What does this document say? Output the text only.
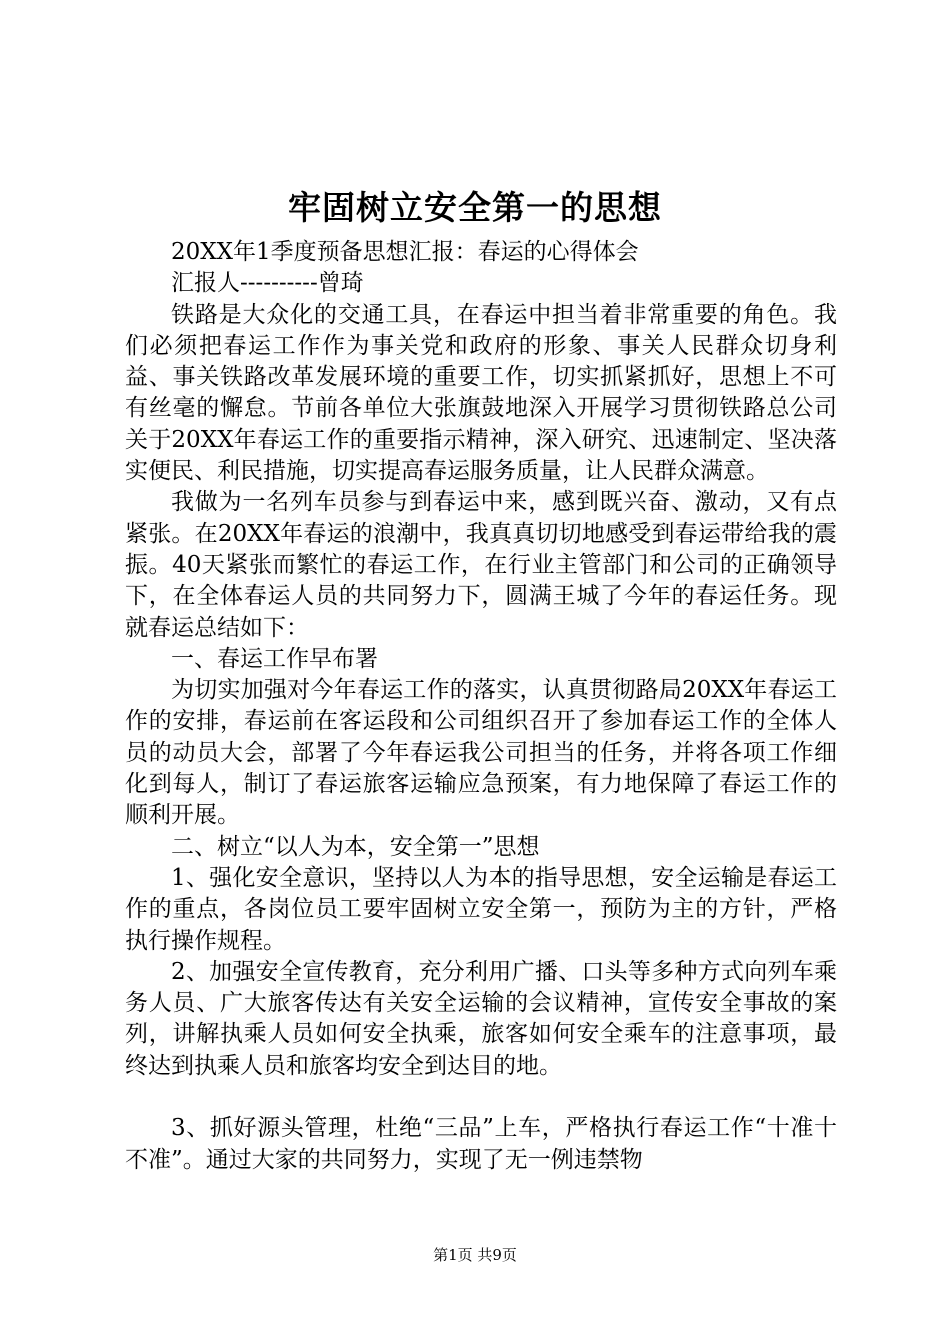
牢固树立安全第一的思想

20XX年1季度预备思想汇报：春运的心得体会

汇报人----------曾琦

铁路是大众化的交通工具，在春运中担当着非常重要的角色。我们必须把春运工作作为事关党和政府的形象、事关人民群众切身利益、事关铁路改革发展环境的重要工作，切实抓紧抓好，思想上不可有丝毫的懈怠。节前各单位大张旗鼓地深入开展学习贯彻铁路总公司关于20XX年春运工作的重要指示精神，深入研究、迅速制定、坚决落实便民、利民措施，切实提高春运服务质量，让人民群众满意。

我做为一名列车员参与到春运中来，感到既兴奋、激动，又有点紧张。在20XX年春运的浪潮中，我真真切切地感受到春运带给我的震振。40天紧张而繁忙的春运工作，在行业主管部门和公司的正确领导下，在全体春运人员的共同努力下，圆满王城了今年的春运任务。现就春运总结如下：

一、春运工作早布署

为切实加强对今年春运工作的落实，认真贯彻路局20XX年春运工作的安排，春运前在客运段和公司组织召开了参加春运工作的全体人员的动员大会，部署了今年春运我公司担当的任务，并将各项工作细化到每人，制订了春运旅客运输应急预案，有力地保障了春运工作的顺利开展。

二、树立“以人为本，安全第一”思想

1、强化安全意识，坚持以人为本的指导思想，安全运输是春运工作的重点，各岗位员工要牢固树立安全第一，预防为主的方针，严格执行操作规程。

2、加强安全宣传教育，充分利用广播、口头等多种方式向列车乘务人员、广大旅客传达有关安全运输的会议精神，宣传安全事故的案列，讲解执乘人员如何安全执乘，旅客如何安全乘车的注意事项，最终达到执乘人员和旅客均安全到达目的地。

3、抓好源头管理，杜绝“三品”上车，严格执行春运工作“十准十不准”。通过大家的共同努力，实现了无一例违禁物

第1页 共9页
